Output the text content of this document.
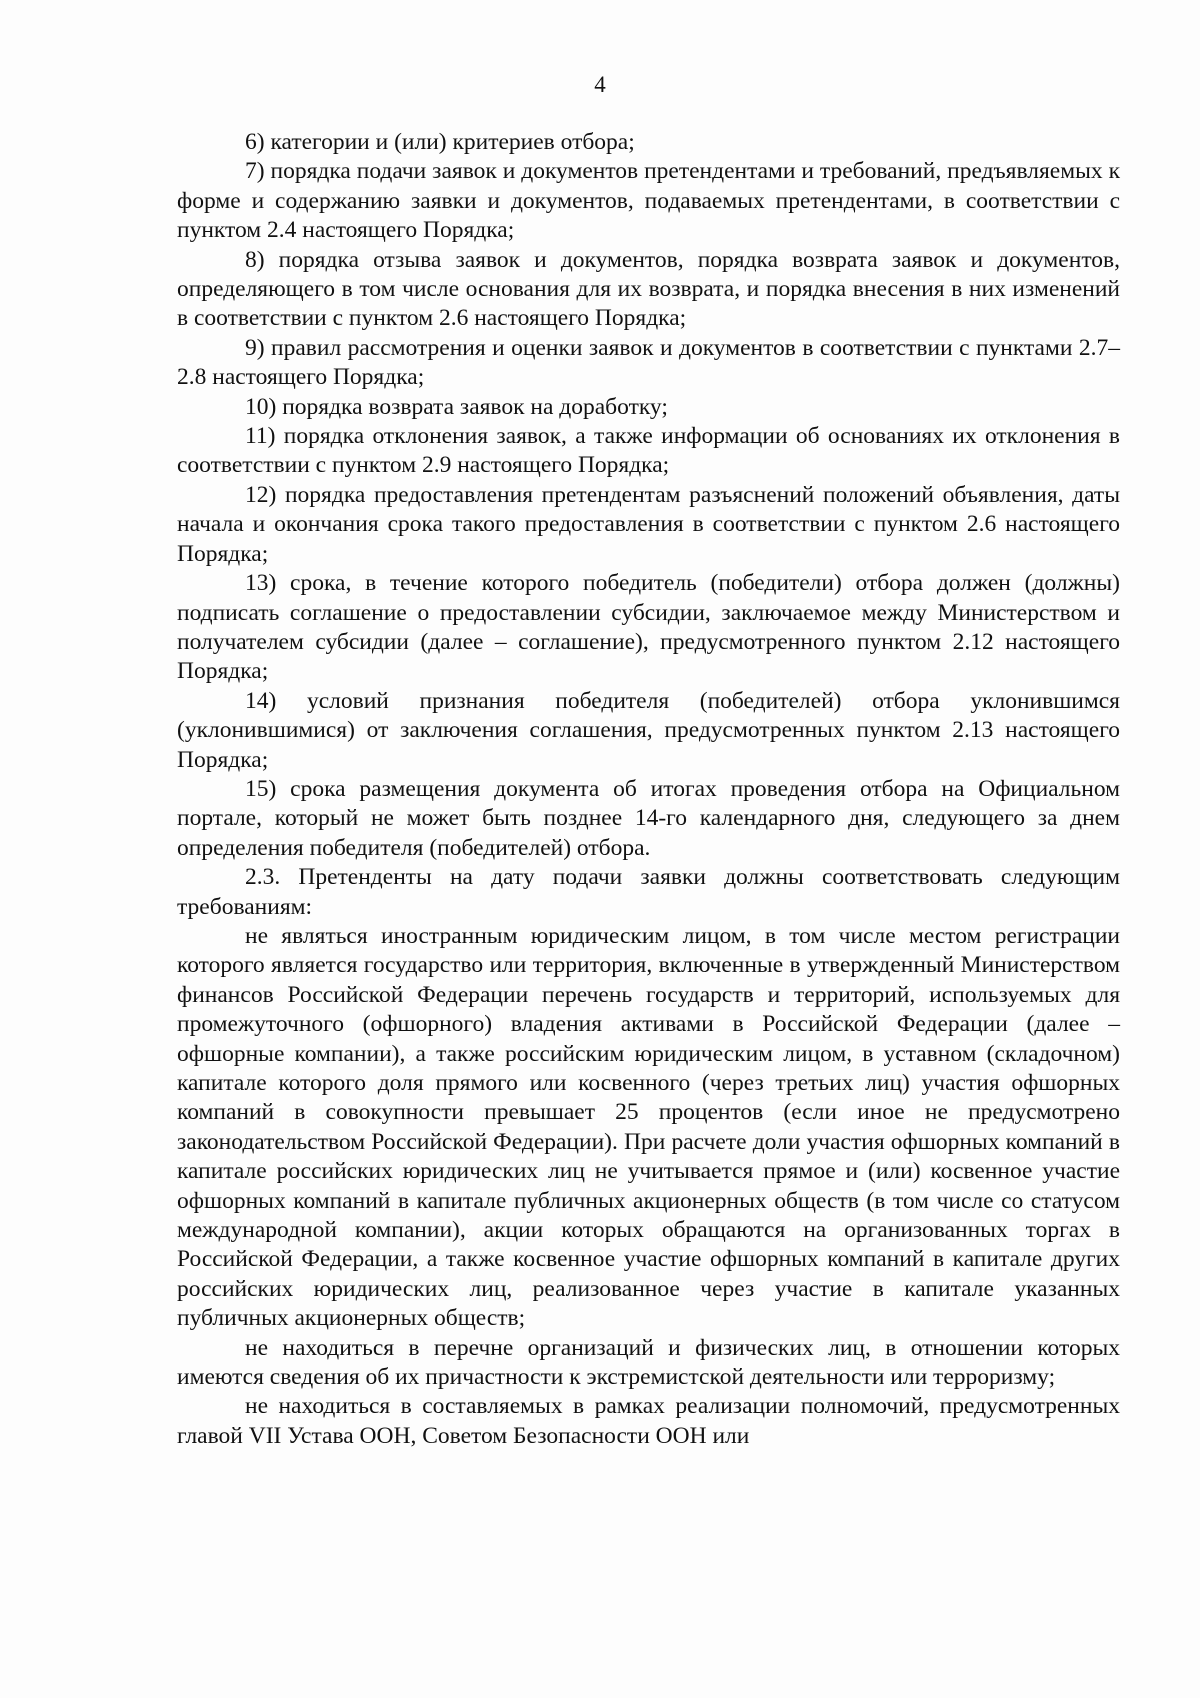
4

6) категории и (или) критериев отбора;

7) порядка подачи заявок и документов претендентами и требований, предъявляемых к форме и содержанию заявки и документов, подаваемых претендентами, в соответствии с пунктом 2.4 настоящего Порядка;

8) порядка отзыва заявок и документов, порядка возврата заявок и документов, определяющего в том числе основания для их возврата, и порядка внесения в них изменений в соответствии с пунктом 2.6 настоящего Порядка;

9) правил рассмотрения и оценки заявок и документов в соответствии с пунктами 2.7–2.8 настоящего Порядка;

10) порядка возврата заявок на доработку;

11) порядка отклонения заявок, а также информации об основаниях их отклонения в соответствии с пунктом 2.9 настоящего Порядка;

12) порядка предоставления претендентам разъяснений положений объявления, даты начала и окончания срока такого предоставления в соответствии с пунктом 2.6 настоящего Порядка;

13) срока, в течение которого победитель (победители) отбора должен (должны) подписать соглашение о предоставлении субсидии, заключаемое между Министерством и получателем субсидии (далее – соглашение), предусмотренного пунктом 2.12 настоящего Порядка;

14) условий признания победителя (победителей) отбора уклонившимся (уклонившимися) от заключения соглашения, предусмотренных пунктом 2.13 настоящего Порядка;

15) срока размещения документа об итогах проведения отбора на Официальном портале, который не может быть позднее 14-го календарного дня, следующего за днем определения победителя (победителей) отбора.

2.3. Претенденты на дату подачи заявки должны соответствовать следующим требованиям:

не являться иностранным юридическим лицом, в том числе местом регистрации которого является государство или территория, включенные в утвержденный Министерством финансов Российской Федерации перечень государств и территорий, используемых для промежуточного (офшорного) владения активами в Российской Федерации (далее – офшорные компании), а также российским юридическим лицом, в уставном (складочном) капитале которого доля прямого или косвенного (через третьих лиц) участия офшорных компаний в совокупности превышает 25 процентов (если иное не предусмотрено законодательством Российской Федерации). При расчете доли участия офшорных компаний в капитале российских юридических лиц не учитывается прямое и (или) косвенное участие офшорных компаний в капитале публичных акционерных обществ (в том числе со статусом международной компании), акции которых обращаются на организованных торгах в Российской Федерации, а также косвенное участие офшорных компаний в капитале других российских юридических лиц, реализованное через участие в капитале указанных публичных акционерных обществ;

не находиться в перечне организаций и физических лиц, в отношении которых имеются сведения об их причастности к экстремистской деятельности или терроризму;

не находиться в составляемых в рамках реализации полномочий, предусмотренных главой VII Устава ООН, Советом Безопасности ООН или
